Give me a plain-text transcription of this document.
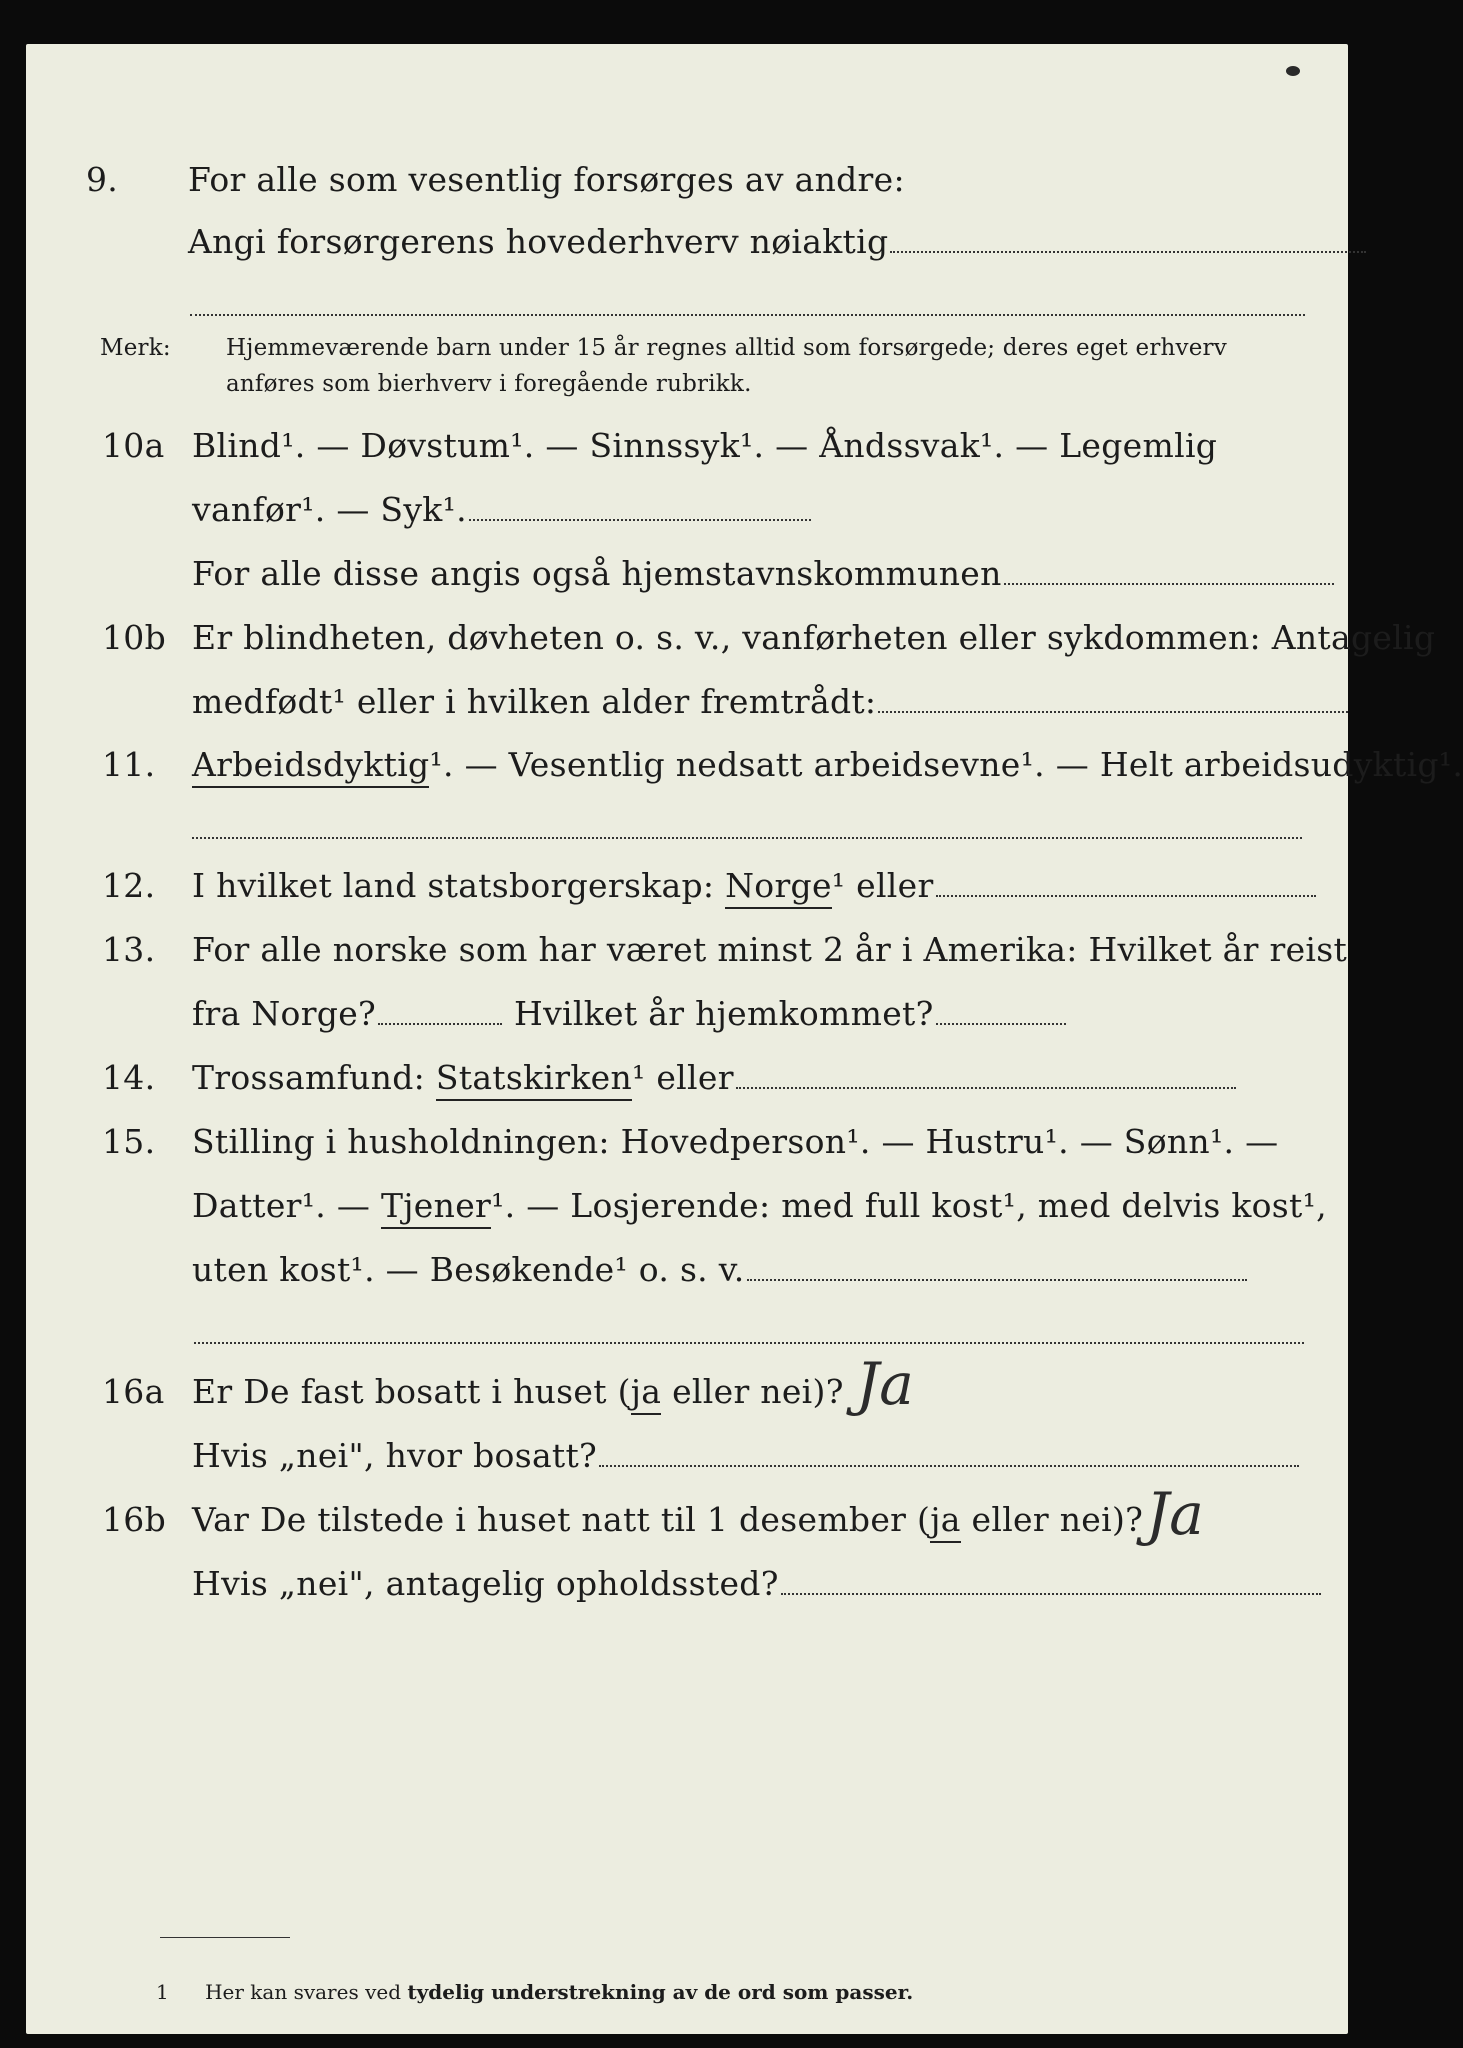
9. For alle som vesentlig forsørges av andre:
Angi forsørgerens hovederhverv nøiaktig
Merk: Hjemmeværende barn under 15 år regnes alltid som forsørgede; deres eget erhverv
anføres som bierhverv i foregående rubrikk.
10a Blind¹. — Døvstum¹. — Sinnssyk¹. — Åndssvak¹. — Legemlig
vanfør¹. — Syk¹.
For alle disse angis også hjemstavnskommunen
10b Er blindheten, døvheten o. s. v., vanførheten eller sykdommen: Antagelig
medfødt¹ eller i hvilken alder fremtrådt:
11. Arbeidsdyktig¹. — Vesentlig nedsatt arbeidsevne¹. — Helt arbeidsudyktig¹.
12. I hvilket land statsborgerskap: Norge¹ eller
13. For alle norske som har været minst 2 år i Amerika: Hvilket år reist
fra Norge?	Hvilket år hjemkommet?
14. Trossamfund: Statskirken¹ eller
15. Stilling i husholdningen: Hovedperson¹. — Hustru¹. — Sønn¹. —
Datter¹. — Tjener¹. — Losjerende: med full kost¹, med delvis kost¹,
uten kost¹. — Besøkende¹ o. s. v.
16a Er De fast bosatt i huset (ja eller nei)? Ja
Hvis „nei", hvor bosatt?
16b Var De tilstede i huset natt til 1 desember (ja eller nei)? Ja
Hvis „nei", antagelig opholdssted?
1 Her kan svares ved tydelig understrekning av de ord som passer.
